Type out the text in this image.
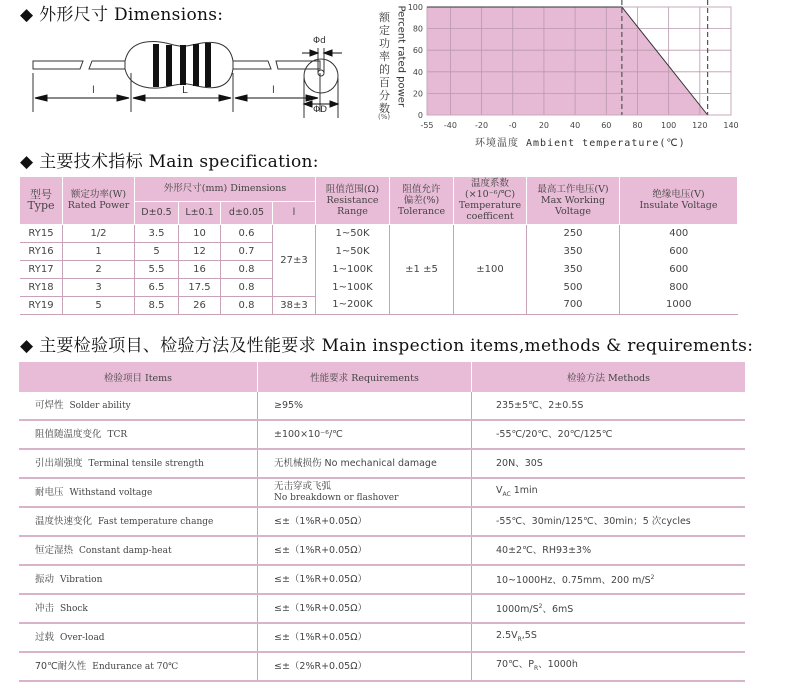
◆ 外形尺寸 Dimensions:
l	L	l
Φd
ΦD
额定功率的百分数
(%)
Percent rated power
-55 -40 -20	-0	20	40	60	80 100 120 140
0
20
40
60
80
100
环境温度 Ambient temperature(℃)
◆ 主要技术指标 Main specification:
型号
Type	额定功率(W)
Rated Power	外形尺寸(mm) Dimensions				阻值范围(Ω)
Resistance
Range	阻值允许
偏差(%)
Tolerance	温度系数
(×10⁻⁶/℃)
Temperature
coefficent	最高工作电压(V)
Max Working
Voltage	绝缘电压(V)
Insulate Voltage
		D±0.5	L±0.1	d±0.05	l					
RY15	1/2	3.5	10	0.6	27±3	1~50K	±1 ±5	±100	250	400
RY16	1	5	12	0.7		1~50K			350	600
RY17	2	5.5	16	0.8		1~100K			350	600
RY18	3	6.5	17.5	0.8		1~100K			500	800
RY19	5	8.5	26	0.8	38±3	1~200K			700	1000
◆ 主要检验项目、检验方法及性能要求 Main inspection items,methods & requirements:
检验项目 Items	性能要求 Requirements	检验方法 Methods
可焊性 Solder ability	≥95%	235±5℃、2±0.5S
阻值随温度变化 TCR	±100×10⁻⁶/℃	-55℃/20℃、20℃/125℃
引出端强度 Terminal tensile strength	无机械损伤 No mechanical damage	20N、30S
耐电压 Withstand voltage	无击穿或飞弧
No breakdown or flashover	$V_{AC}$ 1min
温度快速变化 Fast temperature change	≤±（1%R+0.05Ω）	-55℃、30min/125℃、30min；5 次cycles
恒定湿热 Constant damp-heat	≤±（1%R+0.05Ω）	40±2℃、RH93±3%
振动 Vibration	≤±（1%R+0.05Ω）	10~1000Hz、0.75mm、200 $m/S^2$
冲击 Shock	≤±（1%R+0.05Ω）	$1000m/S^2$、6mS
过载 Over-load	≤±（1%R+0.05Ω）	$2.5V_R,5S$
70℃耐久性 Endurance at 70℃	≤±（2%R+0.05Ω）	70℃、$P_R$、1000h
